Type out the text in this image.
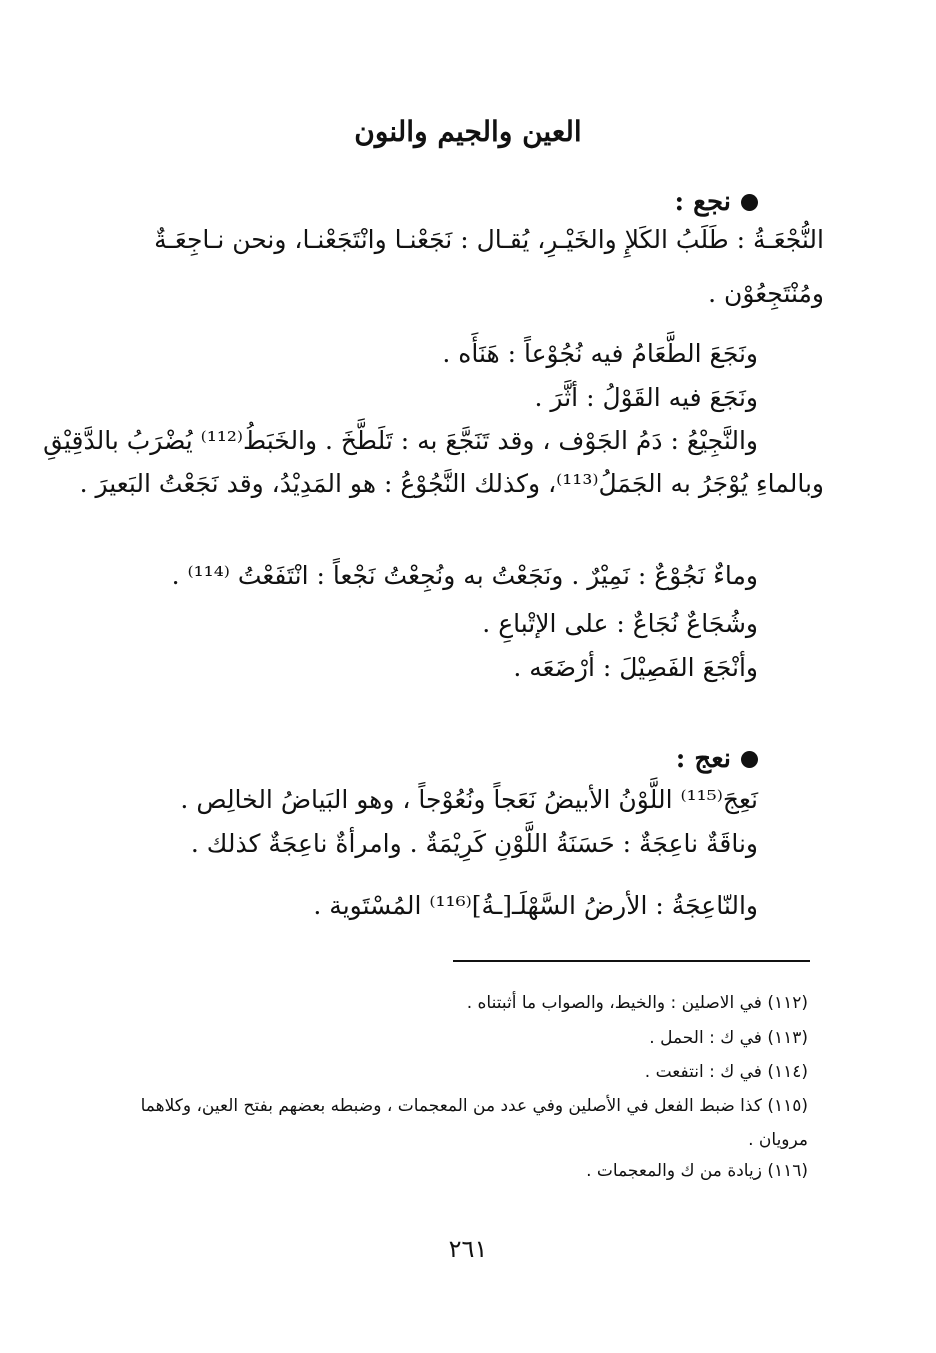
العين والجيم والنون
نجع :
النُّجْعَـةُ : طَلَبُ الكَلإِ والخَيْـرِ، يُقـال : نَجَعْنـا وانْتَجَعْنـا، ونحن نـاجِعَـةٌ
ومُنْتَجِعُوْن .
ونَجَعَ الطَّعَامُ فيه نُجُوْعاً : هَنَأَه .
ونَجَعَ فيه القَوْلُ : أثَّرَ .
والنَّجِيْعُ : دَمُ الجَوْف ، وقد تَنَجَّعَ به : تَلَطَّخَ . والخَبَطُ⁽¹¹²⁾ يُضْرَبُ بالدَّقِيْقِ
وبالماءِ يُوْجَرُ به الجَمَلُ⁽¹¹³⁾، وكذلك النَّجُوْعُ : هو المَدِيْدُ، وقد نَجَعْتُ البَعيرَ .
وماءٌ نَجُوْعٌ : نَمِيْرٌ . ونَجَعْتُ به ونُجِعْتُ نَجْعاً : انْتَفَعْتُ ⁽¹¹⁴⁾ .
وشُجَاعٌ نُجَاعٌ : على الإتْباعِ .
وأنْجَعَ الفَصِيْلَ : أرْضَعَه .
نعج :
نَعِجَ⁽¹¹⁵⁾ اللَّوْنُ الأبيضُ نَعَجاً ونُعُوْجاً ، وهو البَياضُ الخالِص .
وناقَةٌ ناعِجَةٌ : حَسَنَةُ اللَّوْنِ كَرِيْمَةٌ . وامرأةٌ ناعِجَةٌ كذلك .
والنّاعِجَةُ : الأرضُ السَّهْلَـ[ـةُ]⁽¹¹⁶⁾ المُسْتَوية .
(١١٢) في الاصلين : والخيط، والصواب ما أثبتناه .
(١١٣) في ك : الحمل .
(١١٤) في ك : انتفعت .
(١١٥) كذا ضبط الفعل في الأصلين وفي عدد من المعجمات ، وضبطه بعضهم بفتح العين، وكلاهما
مرويان .
(١١٦) زيادة من ك والمعجمات .
٢٦١
